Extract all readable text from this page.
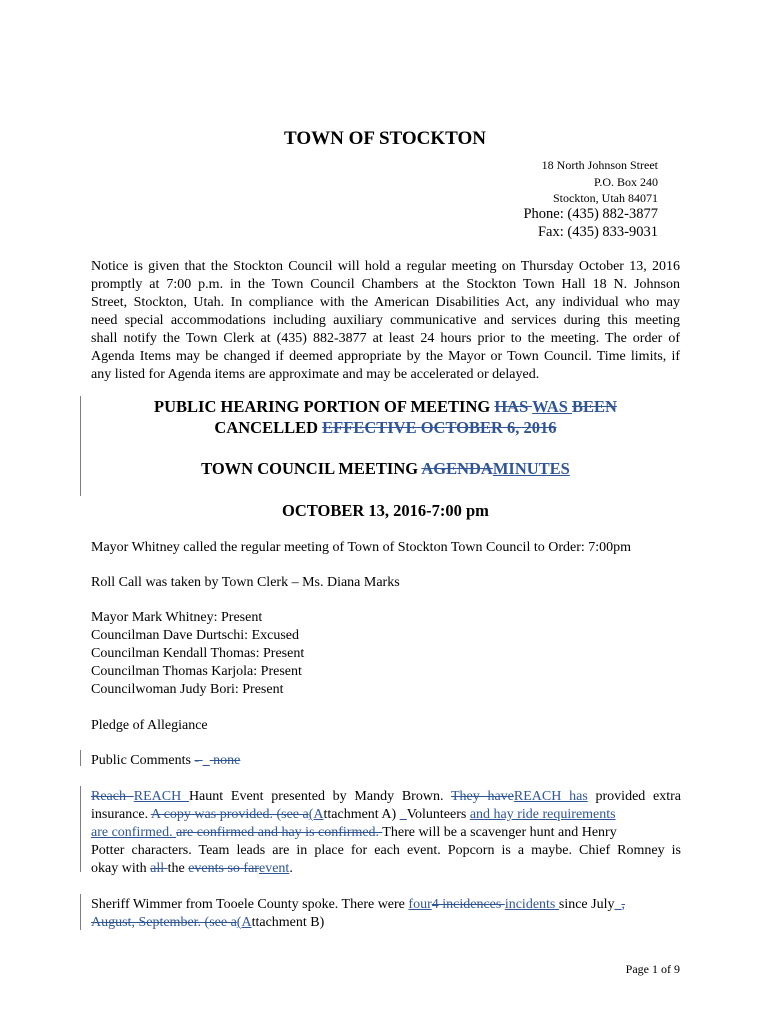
TOWN OF STOCKTON
18 North Johnson Street
P.O. Box 240
Stockton, Utah 84071
Phone: (435) 882-3877
Fax: (435) 833-9031
Notice is given that the Stockton Council will hold a regular meeting on Thursday October 13, 2016
promptly at 7:00 p.m. in the Town Council Chambers at the Stockton Town Hall 18 N. Johnson
Street, Stockton, Utah. In compliance with the American Disabilities Act, any individual who may
need special accommodations including auxiliary communicative and services during this meeting
shall notify the Town Clerk at (435) 882-3877 at least 24 hours prior to the meeting. The order of
Agenda Items may be changed if deemed appropriate by the Mayor or Town Council. Time limits, if
any listed for Agenda items are approximate and may be accelerated or delayed.
PUBLIC HEARING PORTION OF MEETING HAS WAS BEEN
CANCELLED EFFECTIVE OCTOBER 6, 2016
TOWN COUNCIL MEETING AGENDAMINUTES
OCTOBER 13, 2016-7:00 pm
Mayor Whitney called the regular meeting of Town of Stockton Town Council to Order: 7:00pm
Roll Call was taken by Town Clerk – Ms. Diana Marks
Mayor Mark Whitney: Present
Councilman Dave Durtschi: Excused
Councilman Kendall Thomas: Present
Councilman Thomas Karjola: Present
Councilwoman Judy Bori: Present
Pledge of Allegiance
Public Comments - _ none
Reach REACH Haunt Event presented by Mandy Brown. They haveREACH has provided extra
insurance. A copy was provided. (see a(Attachment A) _Volunteers and hay ride requirements
are confirmed. are confirmed and hay is confirmed. There will be a scavenger hunt and Henry
Potter characters. Team leads are in place for each event. Popcorn is a maybe. Chief Romney is
okay with all the events so farevent.
Sheriff Wimmer from Tooele County spoke. There were four4 incidences incidents since July_,
August, September. (see a(Attachment B)
Page 1 of 9
